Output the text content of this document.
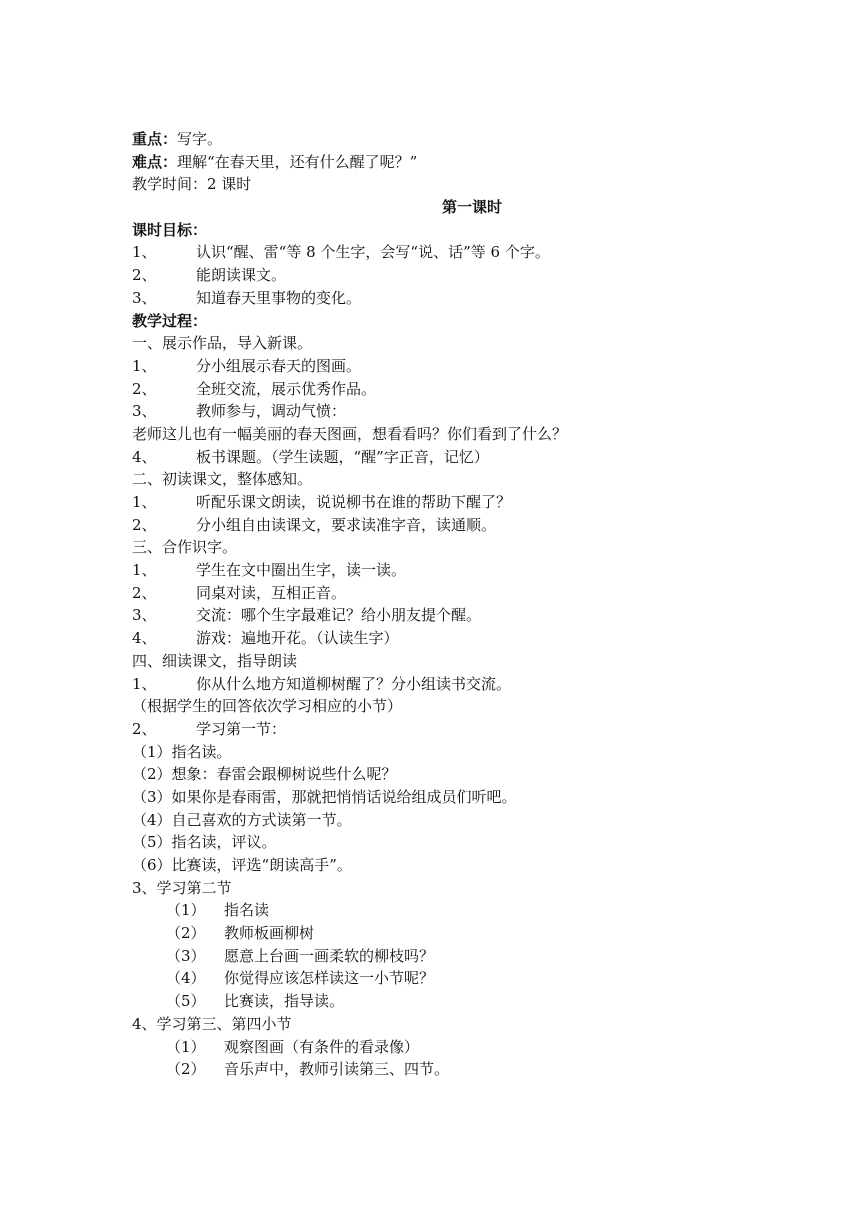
重点：写字。
难点：理解“在春天里，还有什么醒了呢？”
教学时间：2 课时
第一课时
课时目标：
1、	认识“醒、雷“等 8 个生字，会写“说、话”等 6 个字。
2、	能朗读课文。
3、	知道春天里事物的变化。
教学过程：
一、展示作品，导入新课。
1、	分小组展示春天的图画。
2、	全班交流，展示优秀作品。
3、	教师参与，调动气愤：
老师这儿也有一幅美丽的春天图画，想看看吗？你们看到了什么？
4、	板书课题。（学生读题，“醒”字正音，记忆）
二、初读课文，整体感知。
1、	听配乐课文朗读，说说柳书在谁的帮助下醒了？
2、	分小组自由读课文，要求读准字音，读通顺。
三、合作识字。
1、	学生在文中圈出生字，读一读。
2、	同桌对读，互相正音。
3、	交流：哪个生字最难记？给小朋友提个醒。
4、	游戏：遍地开花。（认读生字）
四、细读课文，指导朗读
1、	你从什么地方知道柳树醒了？分小组读书交流。
（根据学生的回答依次学习相应的小节）
2、	学习第一节：
（1）指名读。
（2）想象：春雷会跟柳树说些什么呢？
（3）如果你是春雨雷，那就把悄悄话说给组成员们听吧。
（4）自己喜欢的方式读第一节。
（5）指名读，评议。
（6）比赛读，评选“朗读高手”。
3、学习第二节
（1） 指名读
（2） 教师板画柳树
（3） 愿意上台画一画柔软的柳枝吗？
（4） 你觉得应该怎样读这一小节呢？
（5） 比赛读，指导读。
4、学习第三、第四小节
（1） 观察图画（有条件的看录像）
（2） 音乐声中，教师引读第三、四节。
